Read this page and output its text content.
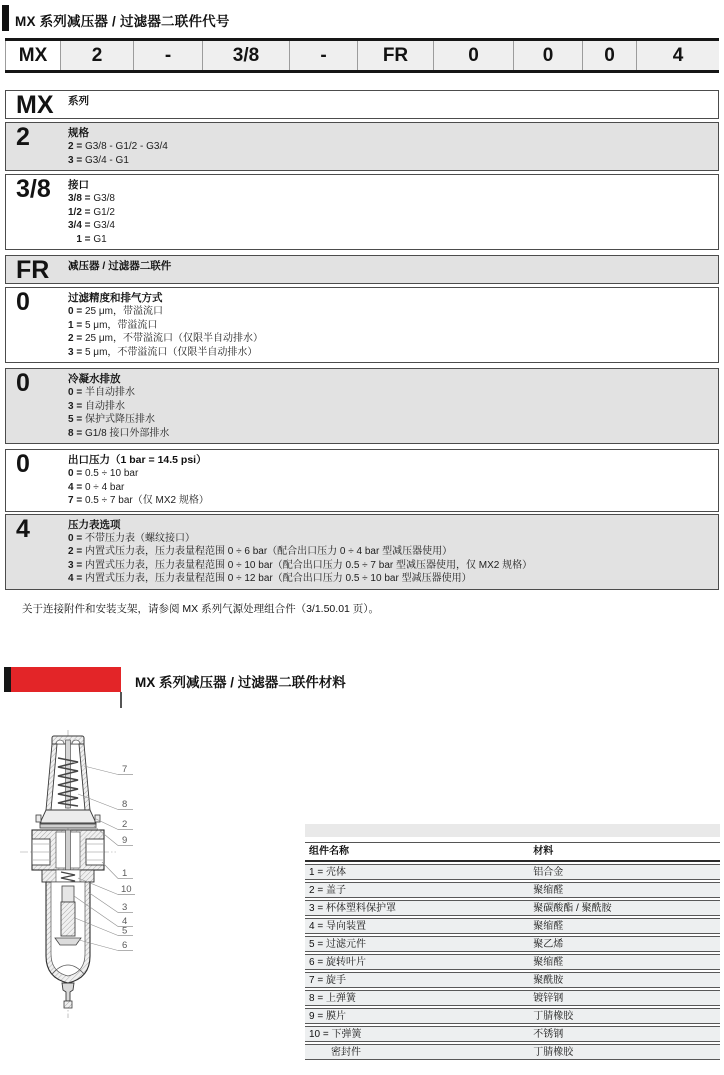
MX 系列减压器 / 过滤器二联件代号
MX	2	-	3/8	-	FR	0	0	0	4
MX	系列
2	规格
2 = G3/8 - G1/2 - G3/4
3 = G3/4 - G1
3/8	接口
3/8 = G3/8
1/2 = G1/2
3/4 = G3/4
1 = G1
FR	减压器 / 过滤器二联件
0	过滤精度和排气方式
0 = 25 μm，带溢流口
1 = 5 μm，带溢流口
2 = 25 μm，不带溢流口（仅限半自动排水）
3 = 5 μm，不带溢流口（仅限半自动排水）
0	冷凝水排放
0 = 半自动排水
3 = 自动排水
5 = 保护式降压排水
8 = G1/8 接口外部排水
0	出口压力（1 bar = 14.5 psi）
0 = 0.5 ÷ 10 bar
4 = 0 ÷ 4 bar
7 = 0.5 ÷ 7 bar（仅 MX2 规格）
4	压力表选项
0 = 不带压力表（螺纹接口）
2 = 内置式压力表，压力表量程范围 0 ÷ 6 bar（配合出口压力 0 ÷ 4 bar 型减压器使用）
3 = 内置式压力表，压力表量程范围 0 ÷ 10 bar（配合出口压力 0.5 ÷ 7 bar 型减压器使用，仅 MX2 规格）
4 = 内置式压力表，压力表量程范围 0 ÷ 12 bar（配合出口压力 0.5 ÷ 10 bar 型减压器使用）
关于连接附件和安装支架，请参阅 MX 系列气源处理组合件（3/1.50.01 页）。
MX 系列减压器 / 过滤器二联件材料
7
8
2
9
1
10
3
4
5
6
组件名称	材料
1 = 壳体	铝合金
2 = 盖子	聚缩醛
3 = 杯体塑料保护罩	聚碳酸酯 / 聚酰胺
4 = 导向装置	聚缩醛
5 = 过滤元件	聚乙烯
6 = 旋转叶片	聚缩醛
7 = 旋手	聚酰胺
8 = 上弹簧	镀锌钢
9 = 膜片	丁腈橡胶
10 = 下弹簧	不锈钢
密封件	丁腈橡胶
